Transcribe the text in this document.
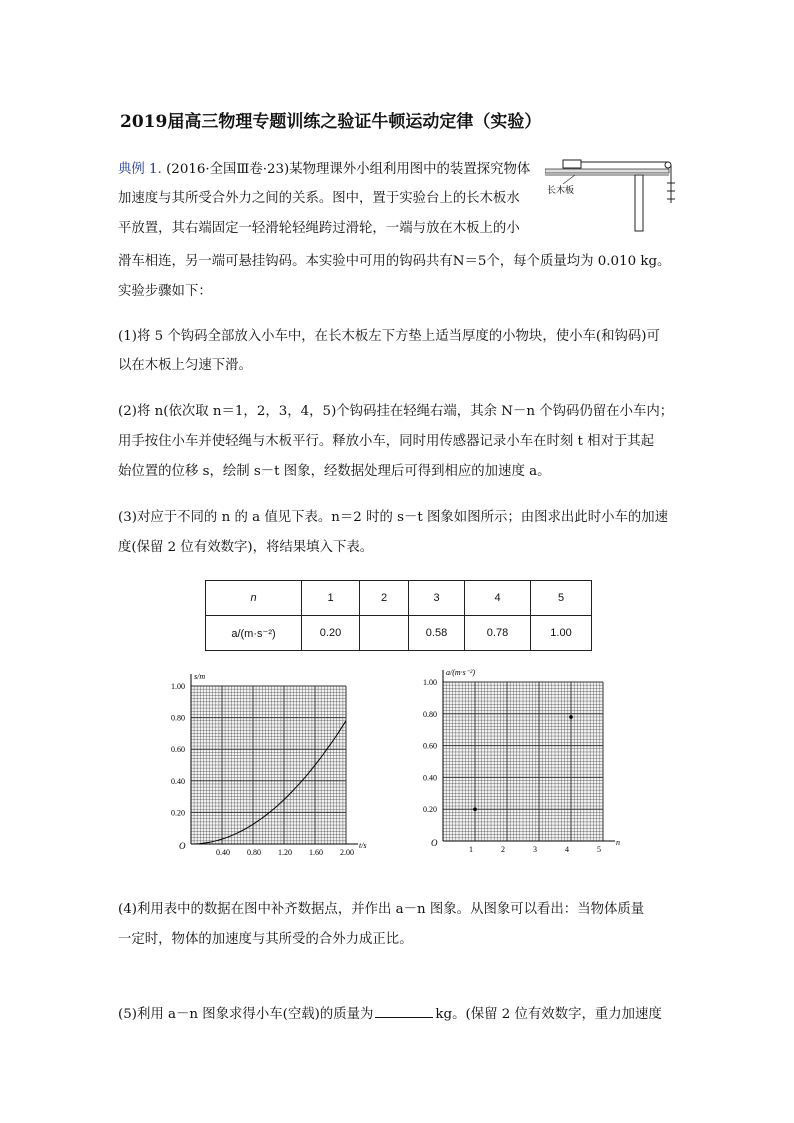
2019届高三物理专题训练之验证牛顿运动定律（实验）
典例 1. (2016·全国Ⅲ卷·23)某物理课外小组利用图中的装置探究物体
加速度与其所受合外力之间的关系。图中，置于实验台上的长木板水
平放置，其右端固定一轻滑轮轻绳跨过滑轮，一端与放在木板上的小
滑车相连，另一端可悬挂钩码。本实验中可用的钩码共有N＝5个，每个质量均为 0.010 kg。
实验步骤如下：
长木板
(1)将 5 个钩码全部放入小车中，在长木板左下方垫上适当厚度的小物块，使小车(和钩码)可
以在木板上匀速下滑。
(2)将 n(依次取 n＝1，2，3，4，5)个钩码挂在轻绳右端，其余 N－n 个钩码仍留在小车内；
用手按住小车并使轻绳与木板平行。释放小车，同时用传感器记录小车在时刻 t 相对于其起
始位置的位移 s，绘制 s－t 图象，经数据处理后可得到相应的加速度 a。
(3)对应于不同的 n 的 a 值见下表。n＝2 时的 s－t 图象如图所示；由图求出此时小车的加速
度(保留 2 位有效数字)，将结果填入下表。
n	1	2	3	4	5
a/(m·s⁻²)	0.20		0.58	0.78	1.00
O
0.40 0.80 1.20 1.60 2.00
0.20
0.40
0.60
0.80
1.00
t/s
s/m
O
1	2	3	4	5
0.20
0.40
0.60
0.80
1.00
n
a/(m·s⁻²)
(4)利用表中的数据在图中补齐数据点，并作出 a－n 图象。从图象可以看出：当物体质量
一定时，物体的加速度与其所受的合外力成正比。
(5)利用 a－n 图象求得小车(空载)的质量为	kg。(保留 2 位有效数字，重力加速度
